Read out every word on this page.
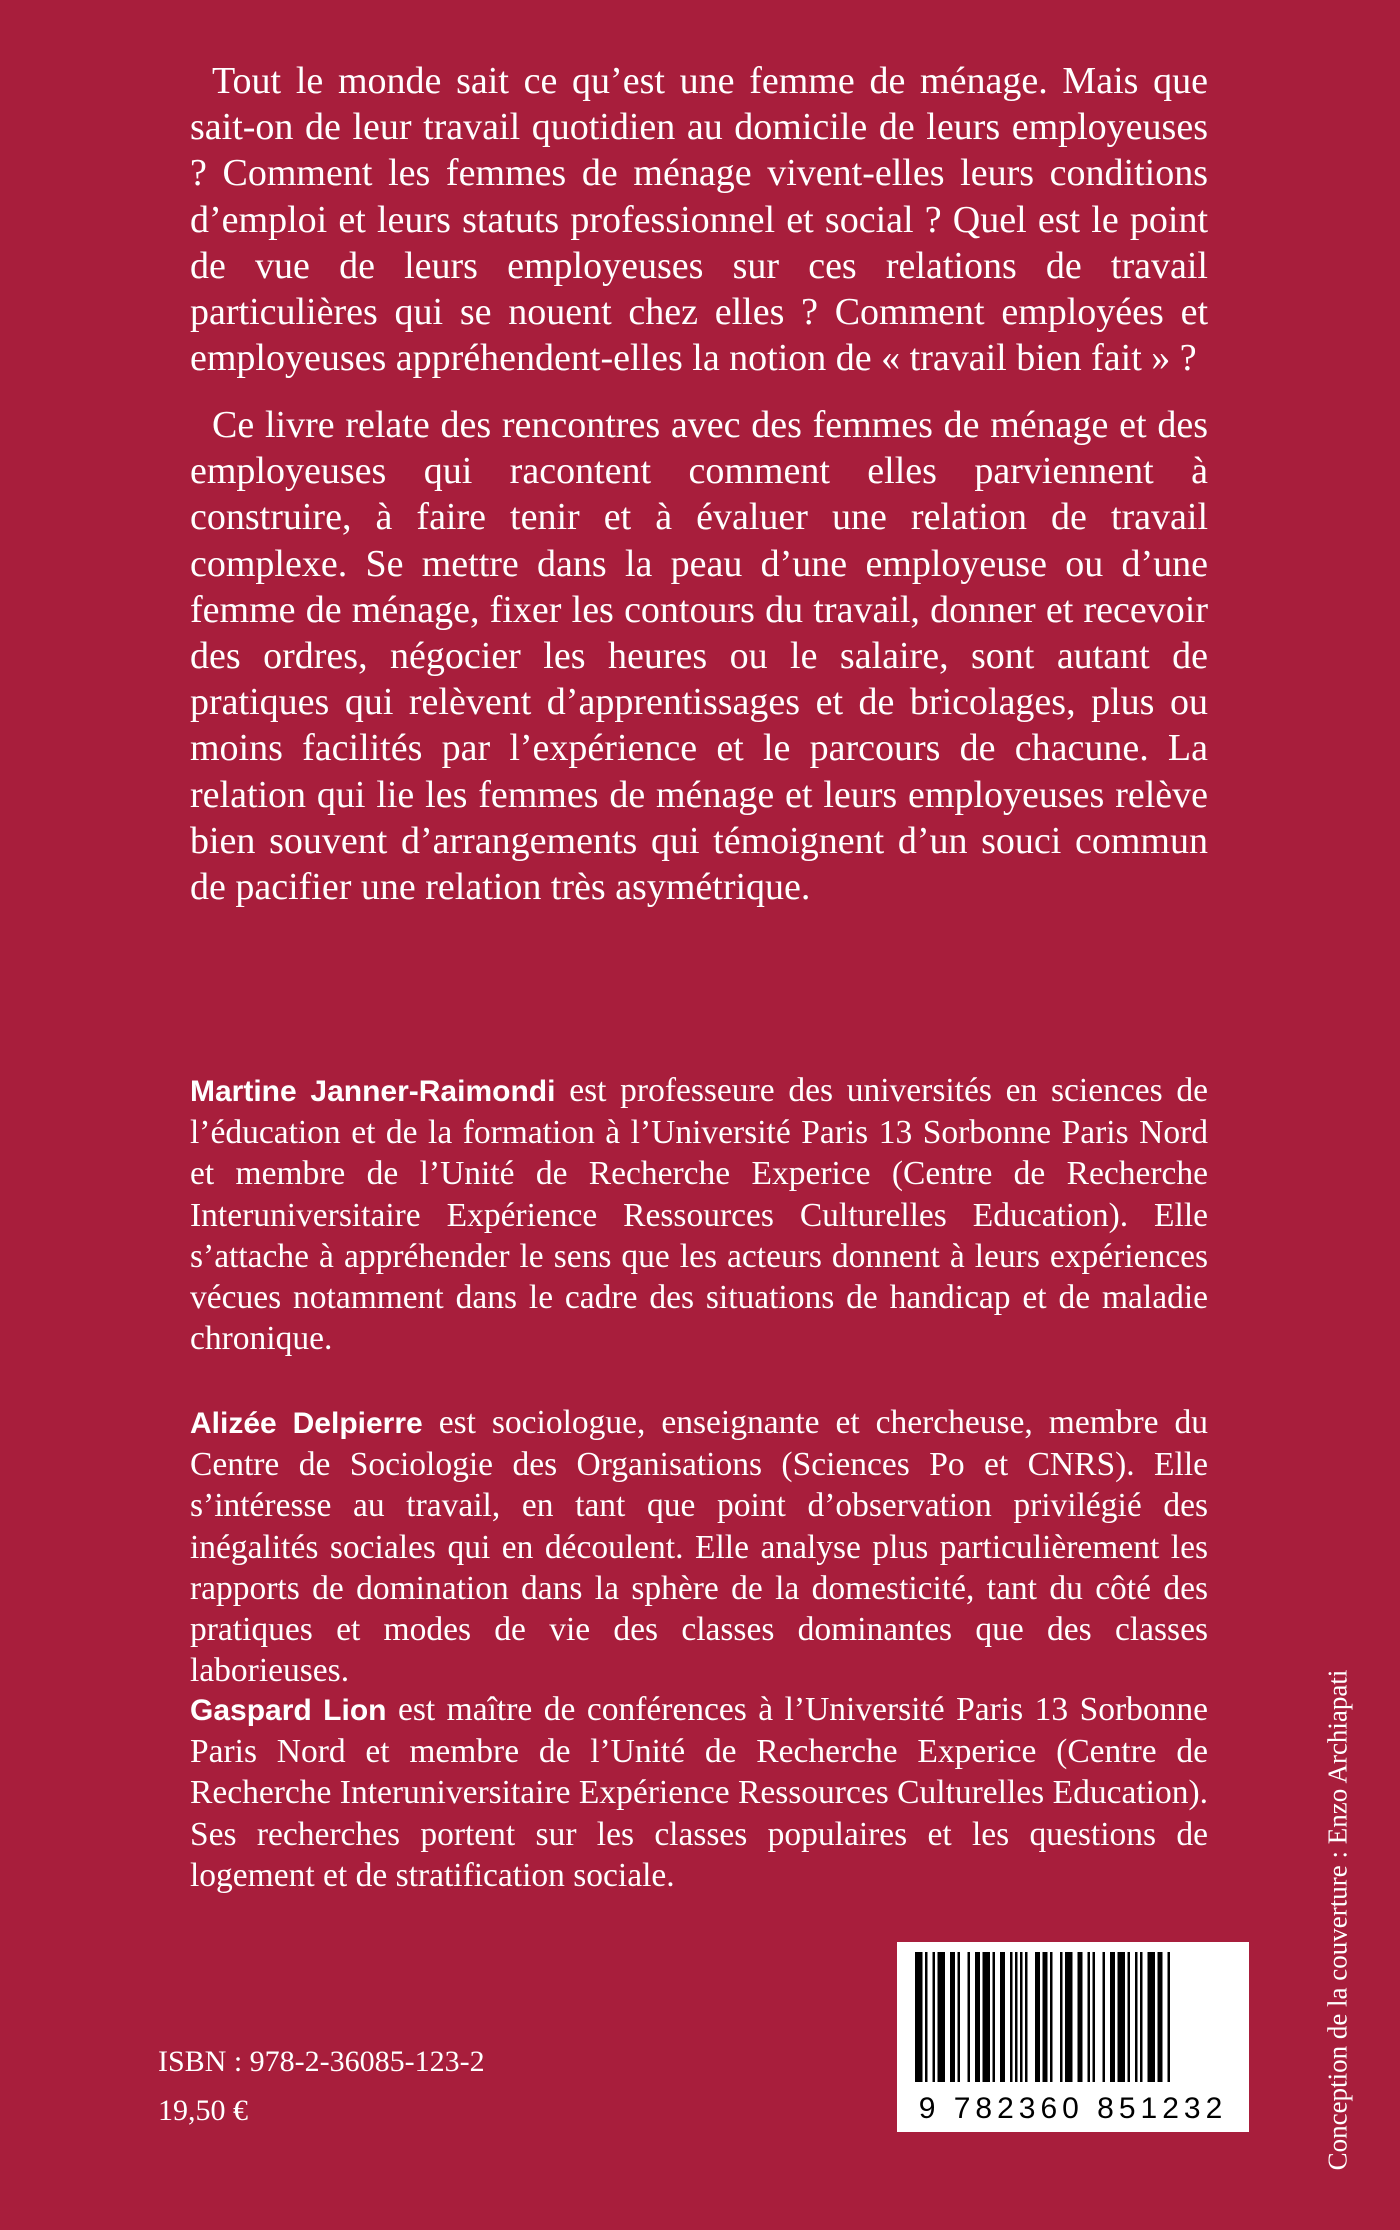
Tout le monde sait ce qu’est une femme de ménage. Mais que sait-on de leur travail quotidien au domicile de leurs employeuses ? Comment les femmes de ménage vivent-elles leurs conditions d’emploi et leurs statuts professionnel et social ? Quel est le point de vue de leurs employeuses sur ces relations de travail particulières qui se nouent chez elles ? Comment employées et employeuses appréhendent-elles la notion de « travail bien fait » ?

Ce livre relate des rencontres avec des femmes de ménage et des employeuses qui racontent comment elles parviennent à construire, à faire tenir et à évaluer une relation de travail complexe. Se mettre dans la peau d’une employeuse ou d’une femme de ménage, fixer les contours du travail, donner et recevoir des ordres, négocier les heures ou le salaire, sont autant de pratiques qui relèvent d’apprentissages et de bricolages, plus ou moins facilités par l’expérience et le parcours de chacune. La relation qui lie les femmes de ménage et leurs employeuses relève bien souvent d’arrangements qui témoignent d’un souci commun de pacifier une relation très asymétrique.

Martine Janner-Raimondi est professeure des universités en sciences de l’éducation et de la formation à l’Université Paris 13 Sorbonne Paris Nord et membre de l’Unité de Recherche Experice (Centre de Recherche Interuniversitaire Expérience Ressources Culturelles Education). Elle s’attache à appréhender le sens que les acteurs donnent à leurs expériences vécues notamment dans le cadre des situations de handicap et de maladie chronique.

Alizée Delpierre est sociologue, enseignante et chercheuse, membre du Centre de Sociologie des Organisations (Sciences Po et CNRS). Elle s’intéresse au travail, en tant que point d’observation privilégié des inégalités sociales qui en découlent. Elle analyse plus particulièrement les rapports de domination dans la sphère de la domesticité, tant du côté des pratiques et modes de vie des classes dominantes que des classes laborieuses.

Gaspard Lion est maître de conférences à l’Université Paris 13 Sorbonne Paris Nord et membre de l’Unité de Recherche Experice (Centre de Recherche Interuniversitaire Expérience Ressources Culturelles Education). Ses recherches portent sur les classes populaires et les questions de logement et de stratification sociale.	Conception de la couverture : Enzo Archiapati
ISBN : 978-2-36085-123-2
19,50 €	9 782360 851232
